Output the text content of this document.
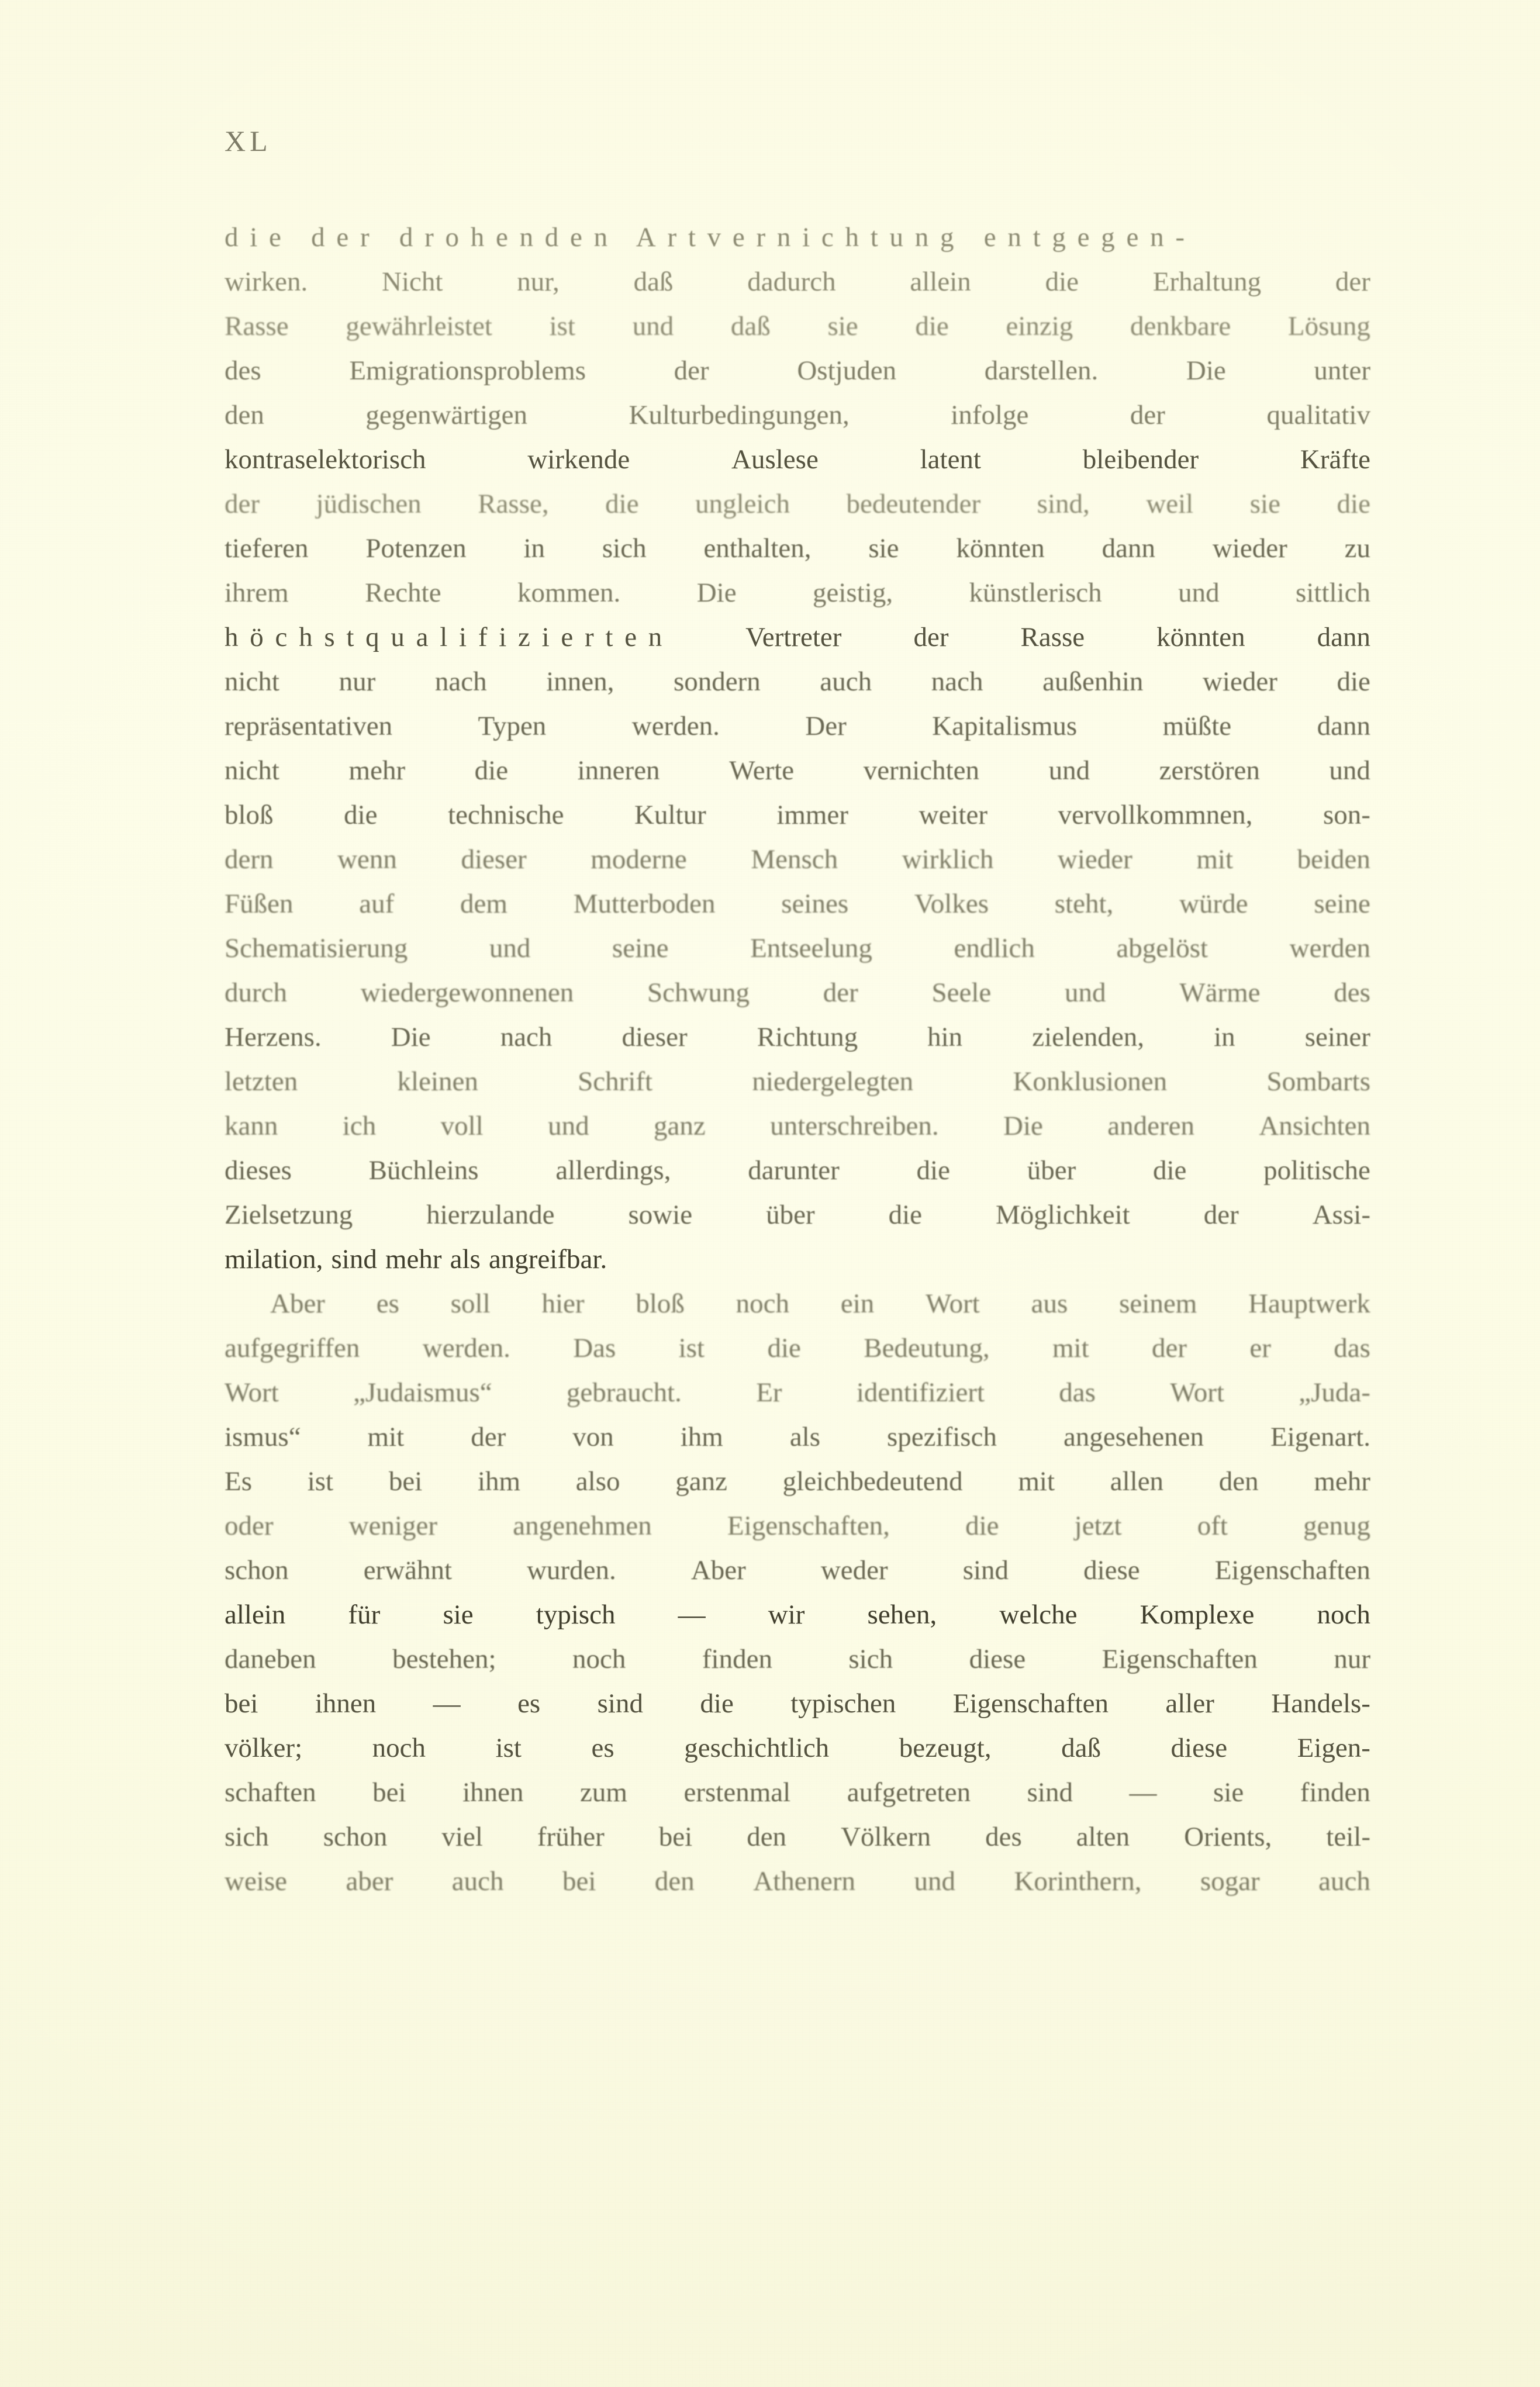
XL
die der drohenden Artvernichtung entgegen-
wirken.	Nicht	nur,	daß	dadurch	allein	die	Erhaltung	der
Rasse gewährleistet ist und daß sie die einzig denkbare Lösung
des	Emigrationsproblems	der	Ostjuden	darstellen.	Die	unter
den	gegenwärtigen	Kulturbedingungen,	infolge	der	qualitativ
kontraselektorisch	wirkende	Auslese	latent	bleibender	Kräfte
der jüdischen Rasse, die ungleich bedeutender sind, weil sie die
tieferen Potenzen in sich enthalten, sie könnten dann wieder zu
ihrem	Rechte	kommen.	Die	geistig,	künstlerisch	und	sittlich
höchstqualifizierten	Vertreter	der	Rasse	könnten	dann
nicht nur nach innen, sondern auch nach außenhin wieder die
repräsentativen	Typen	werden.	Der	Kapitalismus	müßte	dann
nicht	mehr	die	inneren	Werte	vernichten	und	zerstören	und
bloß	die	technische	Kultur	immer	weiter	vervollkommnen,	son-
dern wenn dieser moderne Mensch wirklich wieder mit beiden
Füßen auf dem Mutterboden seines Volkes steht, würde seine
Schematisierung	und	seine	Entseelung	endlich	abgelöst	werden
durch	wiedergewonnenen	Schwung	der	Seele	und	Wärme	des
Herzens.	Die	nach	dieser	Richtung	hin	zielenden,	in	seiner
letzten	kleinen	Schrift	niedergelegten	Konklusionen	Sombarts
kann ich voll und ganz unterschreiben. Die anderen Ansichten
dieses	Büchleins	allerdings,	darunter	die	über	die	politische
Zielsetzung	hierzulande	sowie	über	die	Möglichkeit	der	Assi-
milation, sind mehr als angreifbar.
Aber es soll hier bloß noch ein Wort aus seinem Hauptwerk
aufgegriffen werden. Das ist die Bedeutung, mit der er das
Wort	„Judaismus“	gebraucht.	Er	identifiziert	das	Wort	„Juda-
ismus“ mit der von ihm als spezifisch angesehenen Eigenart.
Es ist bei ihm also ganz gleichbedeutend mit allen den mehr
oder	weniger	angenehmen	Eigenschaften,	die	jetzt	oft	genug
schon	erwähnt	wurden.	Aber	weder	sind	diese	Eigenschaften
allein für sie typisch — wir sehen, welche Komplexe noch
daneben	bestehen;	noch	finden	sich	diese	Eigenschaften	nur
bei ihnen — es sind die typischen Eigenschaften aller Handels-
völker;	noch	ist	es	geschichtlich	bezeugt,	daß	diese	Eigen-
schaften bei ihnen zum erstenmal aufgetreten sind — sie finden
sich schon viel früher bei den Völkern des alten Orients, teil-
weise aber auch bei den Athenern und Korinthern, sogar auch
